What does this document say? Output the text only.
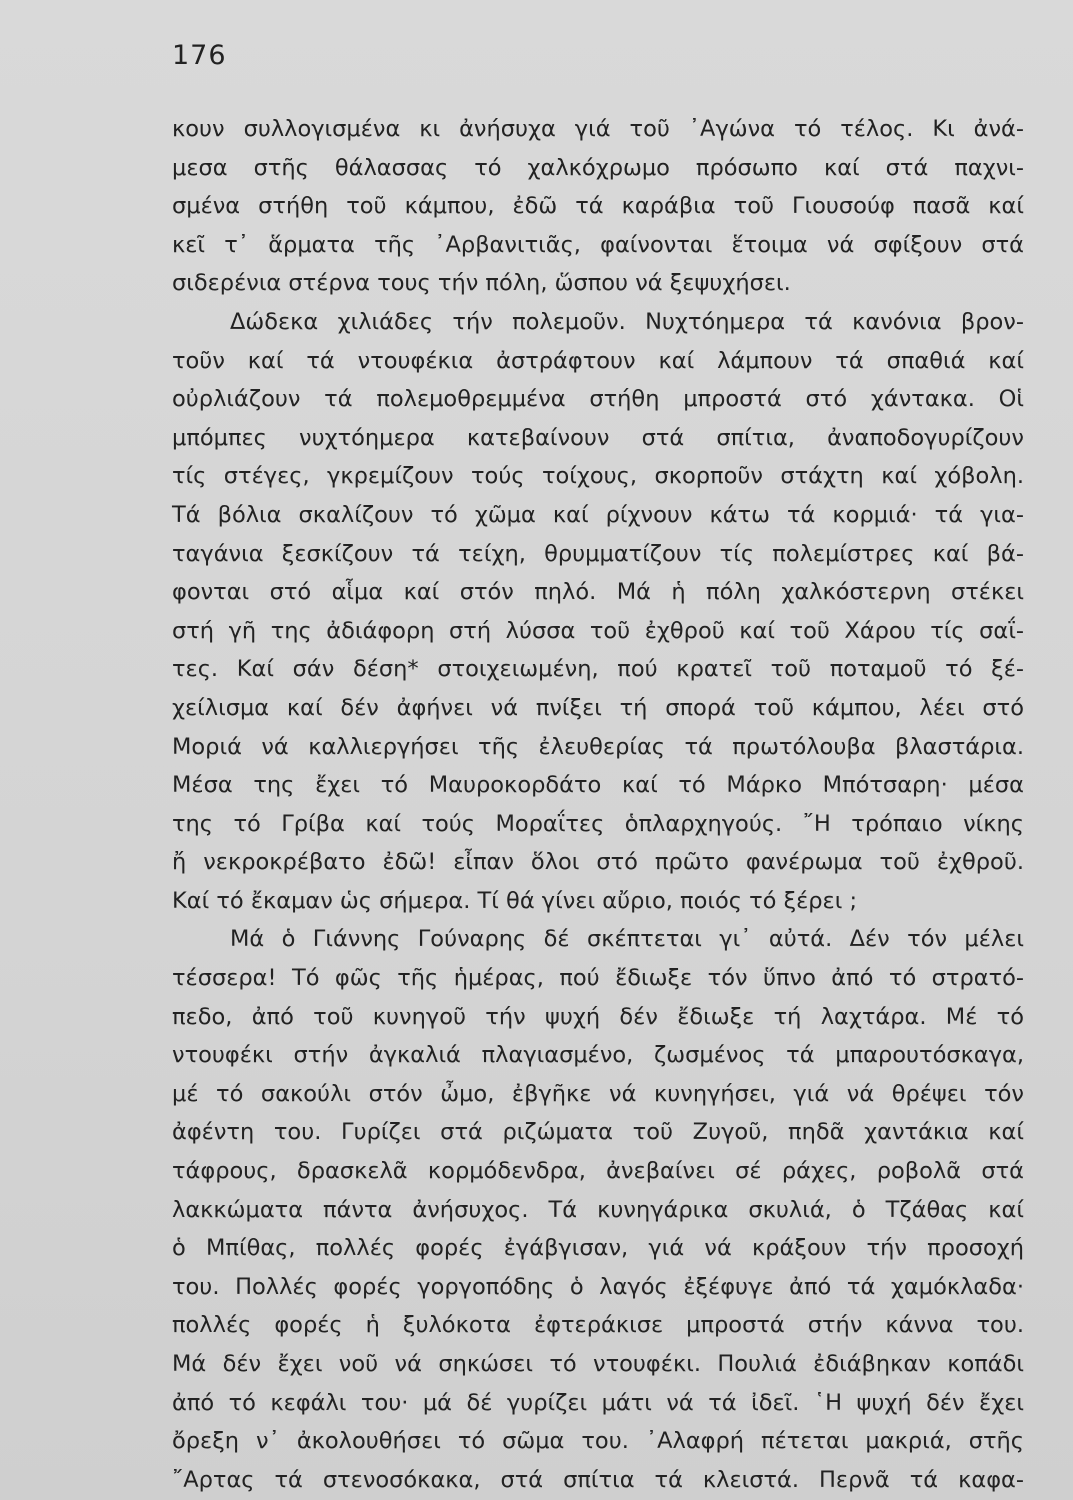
176
κουν συλλογισμένα κι ἀνήσυχα γιά τοῦ ᾿Αγώνα τό τέλος. Κι ἀνά-
μεσα στῆς θάλασσας τό χαλκόχρωμο πρόσωπο καί στά παχνι-
σμένα στήθη τοῦ κάμπου, ἐδῶ τά καράβια τοῦ Γιουσούφ πασᾶ καί
κεῖ τ᾿ ἅρματα τῆς ᾿Αρβανιτιᾶς, φαίνονται ἕτοιμα νά σφίξουν στά
σιδερένια στέρνα τους τήν πόλη, ὥσπου νά ξεψυχήσει.
Δώδεκα χιλιάδες τήν πολεμοῦν. Νυχτόημερα τά κανόνια βρον-
τοῦν καί τά ντουφέκια ἀστράφτουν καί λάμπουν τά σπαθιά καί
οὐρλιάζουν τά πολεμοθρεμμένα στήθη μπροστά στό χάντακα. Οἱ
μπόμπες νυχτόημερα κατεβαίνουν στά σπίτια, ἀναποδογυρίζουν
τίς στέγες, γκρεμίζουν τούς τοίχους, σκορποῦν στάχτη καί χόβολη.
Τά βόλια σκαλίζουν τό χῶμα καί ρίχνουν κάτω τά κορμιά· τά για-
ταγάνια ξεσκίζουν τά τείχη, θρυμματίζουν τίς πολεμίστρες καί βά-
φονται στό αἷμα καί στόν πηλό. Μά ἡ πόλη χαλκόστερνη στέκει
στή γῆ της ἀδιάφορη στή λύσσα τοῦ ἐχθροῦ καί τοῦ Χάρου τίς σαΐ-
τες. Καί σάν δέση* στοιχειωμένη, πού κρατεῖ τοῦ ποταμοῦ τό ξέ-
χείλισμα καί δέν ἀφήνει νά πνίξει τή σπορά τοῦ κάμπου, λέει στό
Μοριά νά καλλιεργήσει τῆς ἐλευθερίας τά πρωτόλουβα βλαστάρια.
Μέσα της ἔχει τό Μαυροκορδάτο καί τό Μάρκο Μπότσαρη· μέσα
της τό Γρίβα καί τούς Μοραΐτες ὁπλαρχηγούς. ῎Η τρόπαιο νίκης
ἤ νεκροκρέβατο ἐδῶ! εἶπαν ὅλοι στό πρῶτο φανέρωμα τοῦ ἐχθροῦ.
Καί τό ἔκαμαν ὡς σήμερα. Τί θά γίνει αὔριο, ποιός τό ξέρει ;
Μά ὁ Γιάννης Γούναρης δέ σκέπτεται γι᾿ αὐτά. Δέν τόν μέλει
τέσσερα! Τό φῶς τῆς ἡμέρας, πού ἔδιωξε τόν ὕπνο ἀπό τό στρατό-
πεδο, ἀπό τοῦ κυνηγοῦ τήν ψυχή δέν ἔδιωξε τή λαχτάρα. Μέ τό
ντουφέκι στήν ἀγκαλιά πλαγιασμένο, ζωσμένος τά μπαρουτόσκαγα,
μέ τό σακούλι στόν ὦμο, ἐβγῆκε νά κυνηγήσει, γιά νά θρέψει τόν
ἀφέντη του. Γυρίζει στά ριζώματα τοῦ Ζυγοῦ, πηδᾶ χαντάκια καί
τάφρους, δρασκελᾶ κορμόδενδρα, ἀνεβαίνει σέ ράχες, ροβολᾶ στά
λακκώματα πάντα ἀνήσυχος. Τά κυνηγάρικα σκυλιά, ὁ Τζάθας καί
ὁ Μπίθας, πολλές φορές ἐγάβγισαν, γιά νά κράξουν τήν προσοχή
του. Πολλές φορές γοργοπόδης ὁ λαγός ἐξέφυγε ἀπό τά χαμόκλαδα·
πολλές φορές ἡ ξυλόκοτα ἐφτεράκισε μπροστά στήν κάννα του.
Μά δέν ἔχει νοῦ νά σηκώσει τό ντουφέκι. Πουλιά ἐδιάβηκαν κοπάδι
ἀπό τό κεφάλι του· μά δέ γυρίζει μάτι νά τά ἰδεῖ. ῾Η ψυχή δέν ἔχει
ὄρεξη ν᾿ ἀκολουθήσει τό σῶμα του. ᾿Αλαφρή πέτεται μακριά, στῆς
῎Αρτας τά στενοσόκακα, στά σπίτια τά κλειστά. Περνᾶ τά καφα-
